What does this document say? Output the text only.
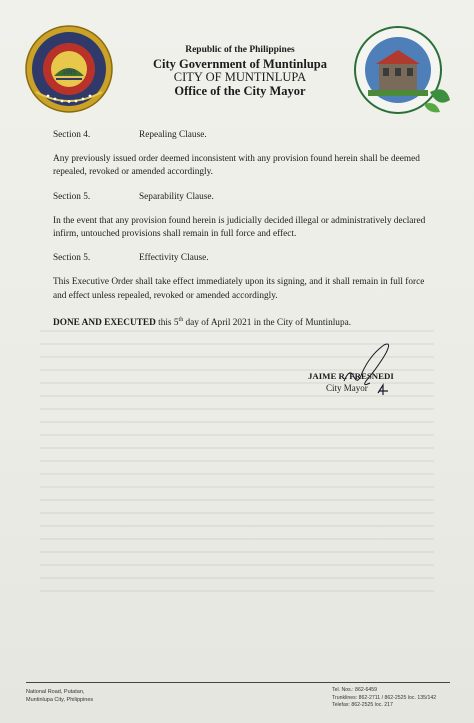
1995
Republic of the Philippines
City Government of Muntinlupa
CITY OF MUNTINLUPA
Office of the City Mayor
Section 4.	Repealing Clause.

Any previously issued order deemed inconsistent with any provision found herein shall be deemed repealed, revoked or amended accordingly.

Section 5.	Separability Clause.

In the event that any provision found herein is judicially decided illegal or administratively declared infirm, untouched provisions shall remain in full force and effect.

Section 5.	Effectivity Clause.

This Executive Order shall take effect immediately upon its signing, and it shall remain in full force and effect unless repealed, revoked or amended accordingly.

DONE AND EXECUTED this 5th day of April 2021 in the City of Muntinlupa.

JAIME R. FRESNEDI
City Mayor
National Road, Putatan,
Muntinlupa City, Philippines
Tel. Nos.: 862-6459
Trunklines: 862-2711 / 862-2525 loc. 135/142
Telefax: 862-2525 loc. 217
